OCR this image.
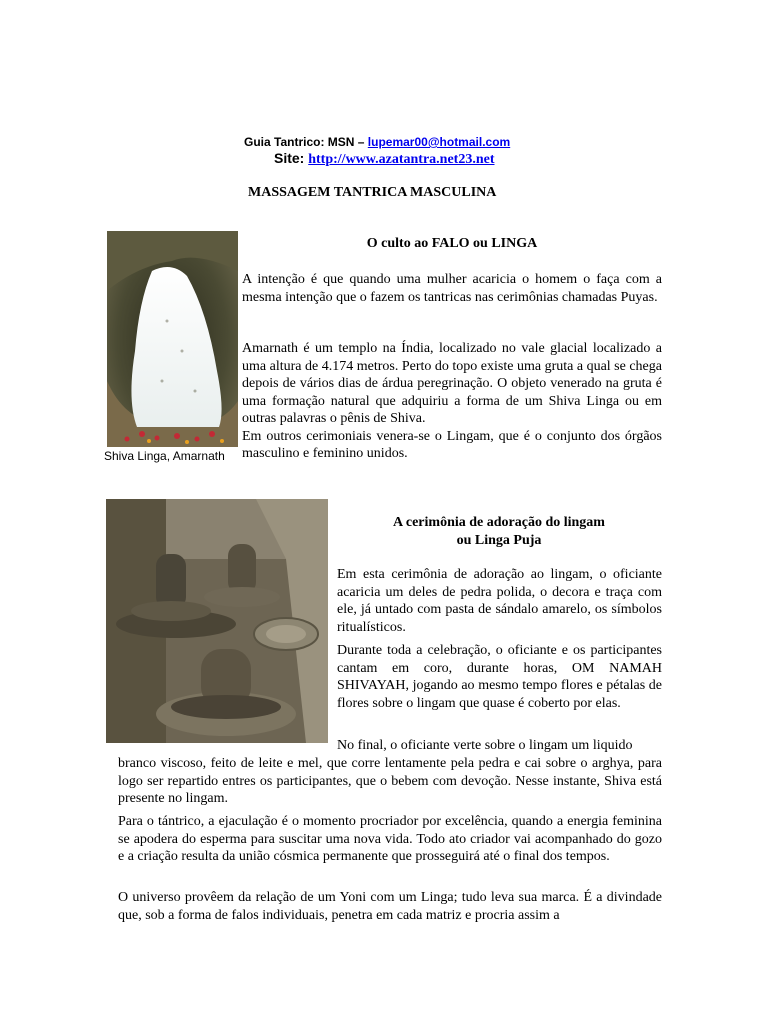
Guia Tantrico: MSN – lupemar00@hotmail.com
Site: http://www.azatantra.net23.net
MASSAGEM TANTRICA MASCULINA
Shiva Linga, Amarnath
O culto ao FALO ou LINGA

A intenção é que quando uma mulher acaricia o homem o faça com a mesma intenção que o fazem os tantricas nas cerimônias chamadas Puyas.

Amarnath é um templo na Índia, localizado no vale glacial localizado a uma altura de 4.174 metros. Perto do topo existe uma gruta a qual se chega depois de vários dias de árdua peregrinação. O objeto venerado na gruta é uma formação natural que adquiriu a forma de um Shiva Linga ou em outras palavras o pênis de Shiva.
Em outros cerimoniais venera-se o Lingam, que é o conjunto dos órgãos masculino e feminino unidos.
A cerimônia de adoração do lingam
ou Linga Puja

Em esta cerimônia de adoração ao lingam, o oficiante acaricia um deles de pedra polida, o decora e traça com ele, já untado com pasta de sándalo amarelo, os símbolos ritualísticos.

Durante toda a celebração, o oficiante e os participantes cantam em coro, durante horas, OM NAMAH SHIVAYAH, jogando ao mesmo tempo flores e pétalas de flores sobre o lingam que quase é coberto por elas.

No final, o oficiante verte sobre o lingam um liquido

branco viscoso, feito de leite e mel, que corre lentamente pela pedra e cai sobre o arghya, para logo ser repartido entres os participantes, que o bebem com devoção. Nesse instante, Shiva está presente no lingam.

Para o tántrico, a ejaculação é o momento procriador por excelência, quando a energia feminina se apodera do esperma para suscitar uma nova vida. Todo ato criador vai acompanhado do gozo e a criação resulta da união cósmica permanente que prosseguirá até o final dos tempos.

O universo provêem da relação de um Yoni com um Linga; tudo leva sua marca. É a divindade que, sob a forma de falos individuais, penetra em cada matriz e procria assim a
